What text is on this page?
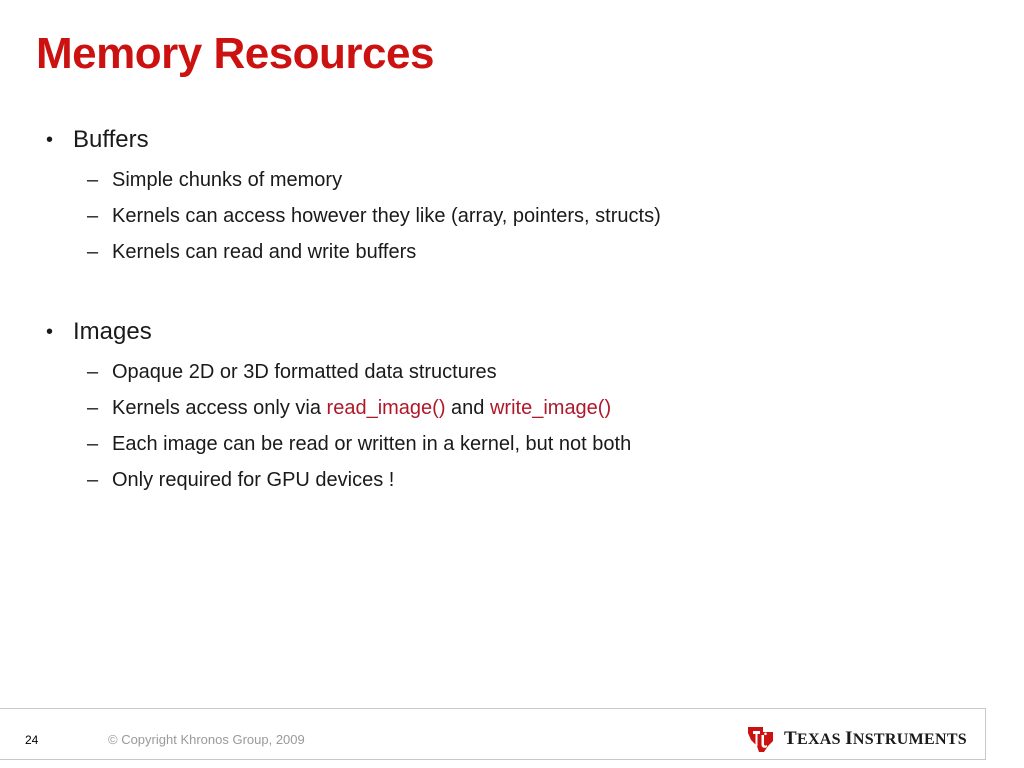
Memory Resources

• Buffers

– Simple chunks of memory
– Kernels can access however they like (array, pointers, structs)
– Kernels can read and write buffers

• Images

– Opaque 2D or 3D formatted data structures
– Kernels access only via read_image() and write_image()
– Each image can be read or written in a kernel, but not both
– Only required for GPU devices !
24	© Copyright Khronos Group, 2009	TEXAS INSTRUMENTS
